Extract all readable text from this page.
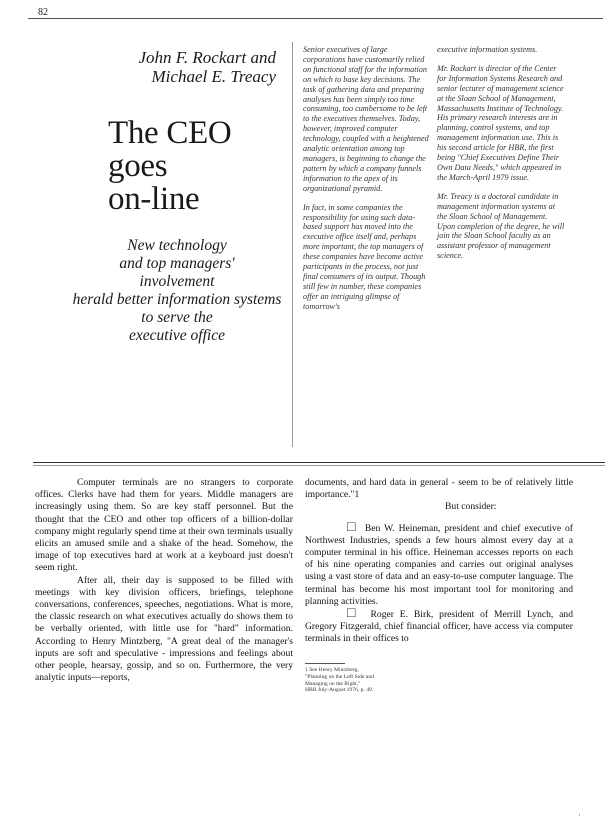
82
John F. Rockart and
Michael E. Treacy
The CEO
goes
on-line
New technology
and top managers'
involvement
herald better information systems
to serve the
executive office

Senior executives of large corporations have customarily relied on functional staff for the information on which to base key decisions. The task of gathering data and preparing analyses has been simply too time consuming, too cumbersome to be left to the executives themselves. Today, however, improved computer technology, coupled with a heightened analytic orientation among top managers, is beginning to change the pattern by which a company funnels information to the apex of its organizational pyramid.

In fact, in some companies the responsibility for using such data-based support has moved into the executive office itself and, perhaps more important, the top managers of these companies have become active participants in the process, not just final consumers of its output. Though still few in number, these companies offer an intriguing glimpse of tomorrow's

executive information systems.

Mr. Rockart is director of the Center for Information Systems Research and senior lecturer of management science at the Sloan School of Management, Massachusetts Institute of Technology. His primary research interests are in planning, control systems, and top management information use. This is his second article for HBR, the first being "Chief Executives Define Their Own Data Needs," which appeared in the March-April 1979 issue.

Mr. Treacy is a doctoral candidate in management information systems at the Sloan School of Management. Upon completion of the degree, he will join the Sloan School faculty as an assistant professor of management science.

Computer terminals are no strangers to corporate offices. Clerks have had them for years. Middle managers are increasingly using them. So are key staff personnel. But the thought that the CEO and other top officers of a billion-dollar company might regularly spend time at their own terminals usually elicits an amused smile and a shake of the head. Somehow, the image of top executives hard at work at a keyboard just doesn't seem right.

After all, their day is supposed to be filled with meetings with key division officers, briefings, telephone conversations, conferences, speeches, negotiations. What is more, the classic research on what executives actually do shows them to be verbally oriented, with little use for "hard" information. According to Henry Mintzberg, "A great deal of the manager's inputs are soft and speculative - impressions and feelings about other people, hearsay, gossip, and so on. Furthermore, the very analytic inputs—reports,

documents, and hard data in general - seem to be of relatively little importance."1

But consider:

□ Ben W. Heineman, president and chief executive of Northwest Industries, spends a few hours almost every day at a computer terminal in his office. Heineman accesses reports on each of his nine operating companies and carries out original analyses using a vast store of data and an easy-to-use computer language. The terminal has become his most important tool for monitoring and planning activities.

□ Roger E. Birk, president of Merrill Lynch, and Gregory Fitzgerald, chief financial officer, have access via computer terminals in their offices to

1 See Henry Mintzberg,
"Planning on the Left Side and
Managing on the Right,"
HBR July-August 1976, p. 49.
·
